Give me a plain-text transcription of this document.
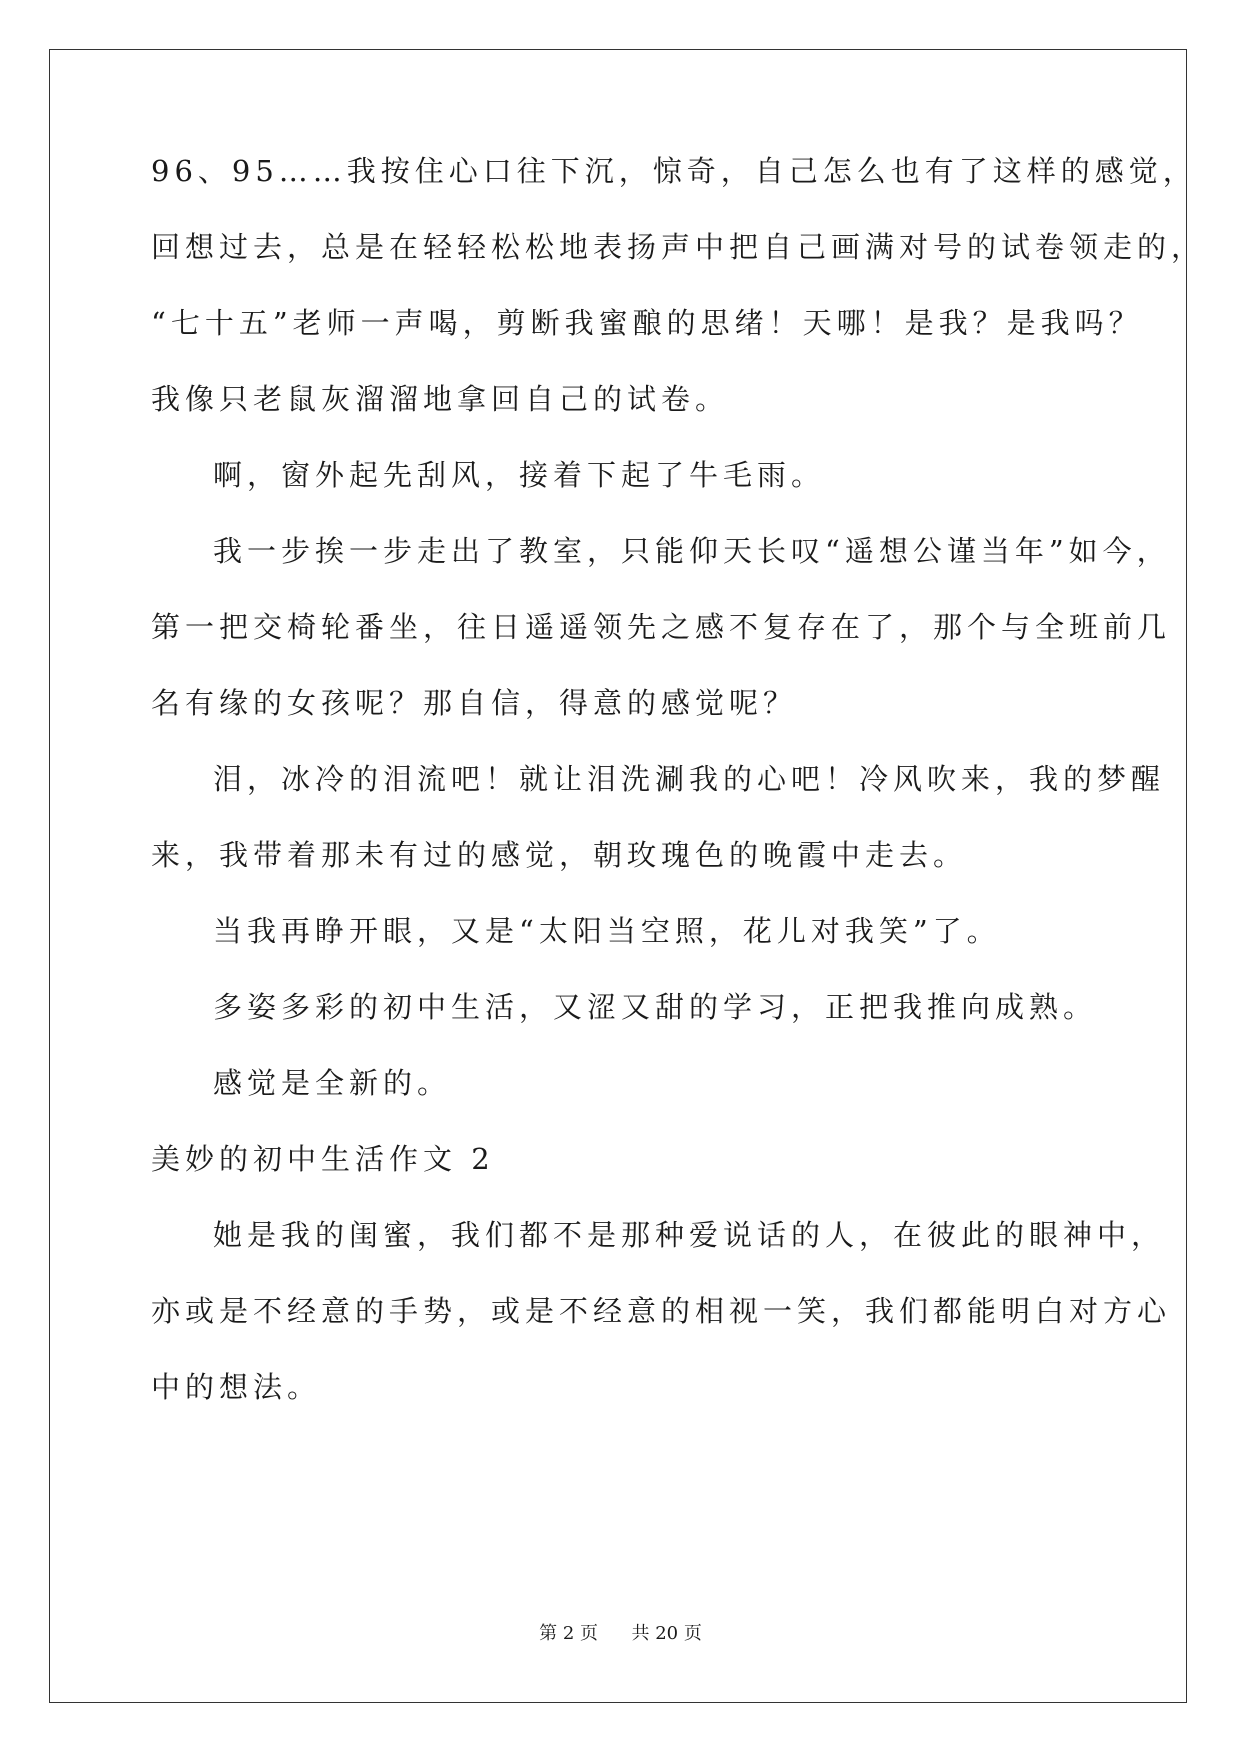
96、95……我按住心口往下沉，惊奇，自己怎么也有了这样的感觉，
回想过去，总是在轻轻松松地表扬声中把自己画满对号的试卷领走的，
“七十五”老师一声喝，剪断我蜜酿的思绪！天哪！是我？是我吗？
我像只老鼠灰溜溜地拿回自己的试卷。
啊，窗外起先刮风，接着下起了牛毛雨。
我一步挨一步走出了教室，只能仰天长叹“遥想公谨当年”如今，
第一把交椅轮番坐，往日遥遥领先之感不复存在了，那个与全班前几
名有缘的女孩呢？那自信，得意的感觉呢？
泪，冰冷的泪流吧！就让泪洗涮我的心吧！冷风吹来，我的梦醒
来，我带着那未有过的感觉，朝玫瑰色的晚霞中走去。
当我再睁开眼，又是“太阳当空照，花儿对我笑”了。
多姿多彩的初中生活，又涩又甜的学习，正把我推向成熟。
感觉是全新的。
美妙的初中生活作文 2
她是我的闺蜜，我们都不是那种爱说话的人，在彼此的眼神中，
亦或是不经意的手势，或是不经意的相视一笑，我们都能明白对方心
中的想法。
第 2 页 共 20 页
